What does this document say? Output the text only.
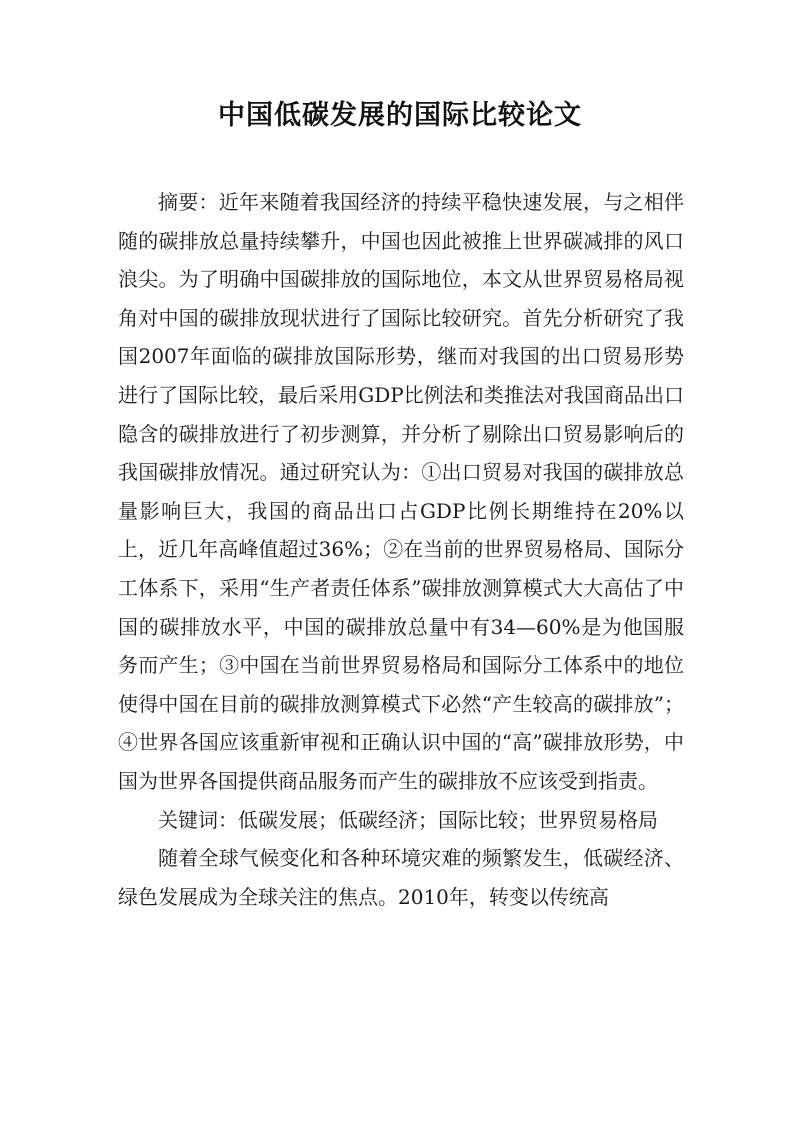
中国低碳发展的国际比较论文

摘要：近年来随着我国经济的持续平稳快速发展，与之相伴随的碳排放总量持续攀升，中国也因此被推上世界碳减排的风口浪尖。为了明确中国碳排放的国际地位，本文从世界贸易格局视角对中国的碳排放现状进行了国际比较研究。首先分析研究了我国2007年面临的碳排放国际形势，继而对我国的出口贸易形势进行了国际比较，最后采用GDP比例法和类推法对我国商品出口隐含的碳排放进行了初步测算，并分析了剔除出口贸易影响后的我国碳排放情况。通过研究认为：①出口贸易对我国的碳排放总量影响巨大，我国的商品出口占GDP比例长期维持在20%以上，近几年高峰值超过36%；②在当前的世界贸易格局、国际分工体系下，采用“生产者责任体系”碳排放测算模式大大高估了中国的碳排放水平，中国的碳排放总量中有34—60%是为他国服务而产生；③中国在当前世界贸易格局和国际分工体系中的地位使得中国在目前的碳排放测算模式下必然“产生较高的碳排放”；④世界各国应该重新审视和正确认识中国的“高”碳排放形势，中国为世界各国提供商品服务而产生的碳排放不应该受到指责。

关键词：低碳发展；低碳经济；国际比较；世界贸易格局

随着全球气候变化和各种环境灾难的频繁发生，低碳经济、绿色发展成为全球关注的焦点。2010年，转变以传统高
